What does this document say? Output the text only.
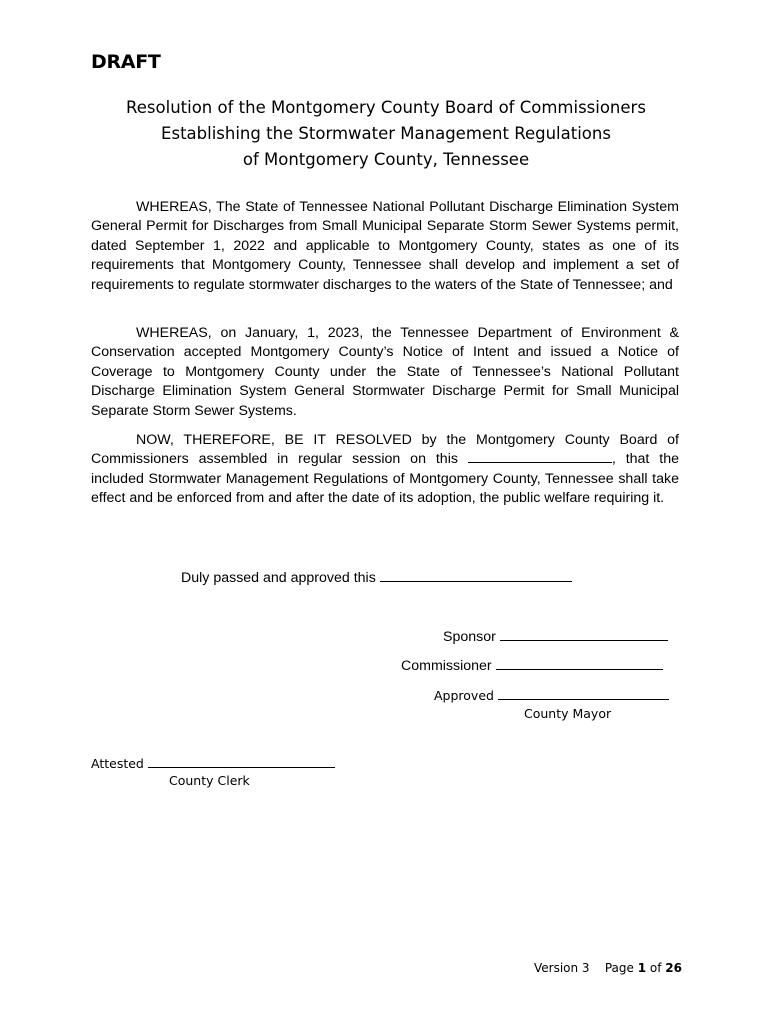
DRAFT
Resolution of the Montgomery County Board of Commissioners
Establishing the Stormwater Management Regulations
of Montgomery County, Tennessee
WHEREAS, The State of Tennessee National Pollutant Discharge Elimination System General Permit for Discharges from Small Municipal Separate Storm Sewer Systems permit, dated September 1, 2022 and applicable to Montgomery County, states as one of its requirements that Montgomery County, Tennessee shall develop and implement a set of requirements to regulate stormwater discharges to the waters of the State of Tennessee; and
WHEREAS, on January, 1, 2023, the Tennessee Department of Environment & Conservation accepted Montgomery County’s Notice of Intent and issued a Notice of Coverage to Montgomery County under the State of Tennessee’s National Pollutant Discharge Elimination System General Stormwater Discharge Permit for Small Municipal Separate Storm Sewer Systems.
NOW, THEREFORE, BE IT RESOLVED by the Montgomery County Board of Commissioners assembled in regular session on this	, that the included Stormwater Management Regulations of Montgomery County, Tennessee shall take effect and be enforced from and after the date of its adoption, the public welfare requiring it.
Duly passed and approved this
Sponsor
Commissioner
Approved
County Mayor
Attested
County Clerk
Version 3 Page 1 of 26
